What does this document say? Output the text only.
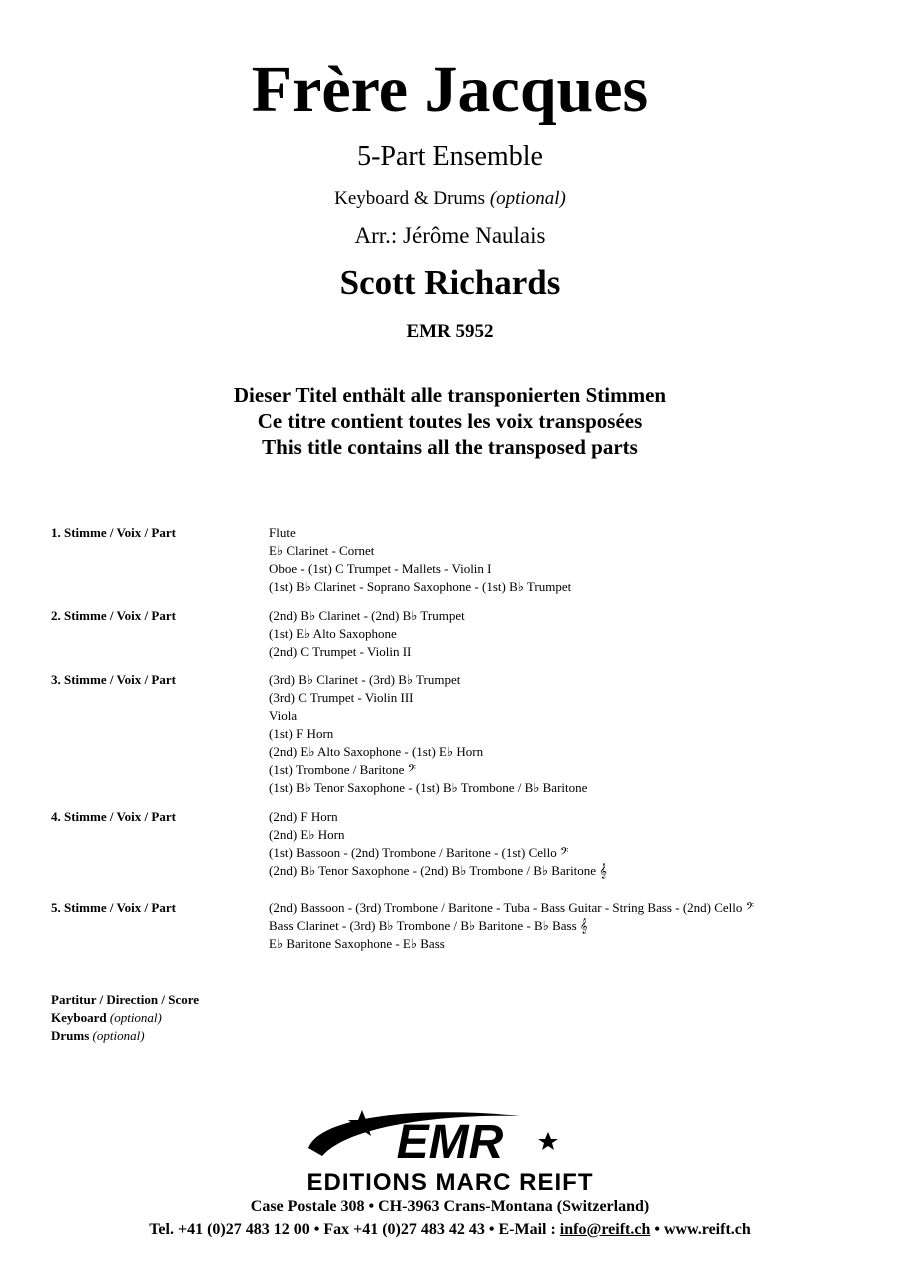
Frère Jacques
5-Part Ensemble
Keyboard & Drums (optional)
Arr.: Jérôme Naulais
Scott Richards
EMR 5952
Dieser Titel enthält alle transponierten Stimmen
Ce titre contient toutes les voix transposées
This title contains all the transposed parts
1. Stimme / Voix / Part	Flute
E♭ Clarinet - Cornet
Oboe - (1st) C Trumpet - Mallets - Violin I
(1st) B♭ Clarinet - Soprano Saxophone - (1st) B♭ Trumpet
2. Stimme / Voix / Part	(2nd) B♭ Clarinet - (2nd) B♭ Trumpet
(1st) E♭ Alto Saxophone
(2nd) C Trumpet - Violin II
3. Stimme / Voix / Part	(3rd) B♭ Clarinet - (3rd) B♭ Trumpet
(3rd) C Trumpet - Violin III
Viola
(1st) F Horn
(2nd) E♭ Alto Saxophone - (1st) E♭ Horn
(1st) Trombone / Baritone 𝄢
(1st) B♭ Tenor Saxophone - (1st) B♭ Trombone / B♭ Baritone
4. Stimme / Voix / Part	(2nd) F Horn
(2nd) E♭ Horn
(1st) Bassoon - (2nd) Trombone / Baritone - (1st) Cello 𝄢
(2nd) B♭ Tenor Saxophone - (2nd) B♭ Trombone / B♭ Baritone 𝄞
5. Stimme / Voix / Part	(2nd) Bassoon - (3rd) Trombone / Baritone - Tuba - Bass Guitar - String Bass - (2nd) Cello 𝄢
Bass Clarinet - (3rd) B♭ Trombone / B♭ Baritone - B♭ Bass 𝄞
E♭ Baritone Saxophone - E♭ Bass
Partitur / Direction / Score
Keyboard (optional)
Drums (optional)
EMR
EDITIONS MARC REIFT
Case Postale 308 • CH-3963 Crans-Montana (Switzerland)
Tel. +41 (0)27 483 12 00 • Fax +41 (0)27 483 42 43 • E-Mail : info@reift.ch • www.reift.ch
